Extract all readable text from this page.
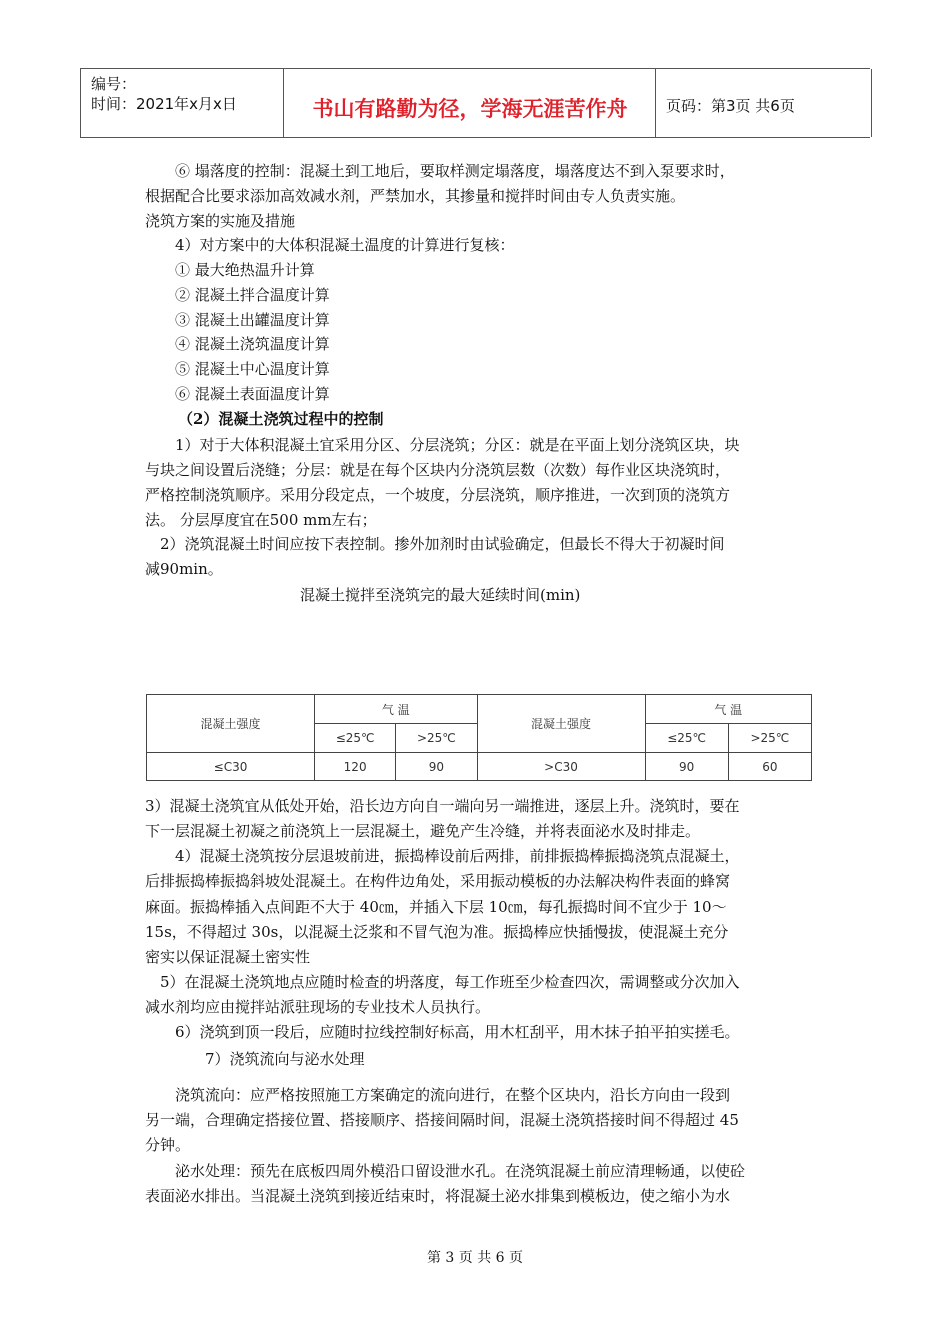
编号：
时间：2021年x月x日	书山有路勤为径，学海无涯苦作舟	页码：第3页 共6页
⑥ 塌落度的控制：混凝土到工地后，要取样测定塌落度，塌落度达不到入泵要求时，
根据配合比要求添加高效减水剂，严禁加水，其掺量和搅拌时间由专人负责实施。
浇筑方案的实施及措施
4）对方案中的大体积混凝土温度的计算进行复核：
① 最大绝热温升计算
② 混凝土拌合温度计算
③ 混凝土出罐温度计算
④ 混凝土浇筑温度计算
⑤ 混凝土中心温度计算
⑥ 混凝土表面温度计算
（2）混凝土浇筑过程中的控制
1）对于大体积混凝土宜采用分区、分层浇筑；分区：就是在平面上划分浇筑区块，块
与块之间设置后浇缝；分层：就是在每个区块内分浇筑层数（次数）每作业区块浇筑时，
严格控制浇筑顺序。采用分段定点，一个坡度，分层浇筑，顺序推进，一次到顶的浇筑方
法。 分层厚度宜在500 mm左右；
2）浇筑混凝土时间应按下表控制。掺外加剂时由试验确定，但最长不得大于初凝时间
减90min。
混凝土搅拌至浇筑完的最大延续时间(min)
混凝土强度	气 温		混凝土强度	气 温	
	≤25℃	>25℃		≤25℃	>25℃
≤C30	120	90	>C30	90	60
3）混凝土浇筑宜从低处开始，沿长边方向自一端向另一端推进，逐层上升。浇筑时，要在
下一层混凝土初凝之前浇筑上一层混凝土，避免产生冷缝，并将表面泌水及时排走。
4）混凝土浇筑按分层退坡前进，振捣棒设前后两排，前排振捣棒振捣浇筑点混凝土，
后排振捣棒振捣斜坡处混凝土。在构件边角处，采用振动模板的办法解决构件表面的蜂窝
麻面。振捣棒插入点间距不大于 40㎝，并插入下层 10㎝，每孔振捣时间不宜少于 10～
15s，不得超过 30s，以混凝土泛浆和不冒气泡为准。振捣棒应快插慢拔，使混凝土充分
密实以保证混凝土密实性
5）在混凝土浇筑地点应随时检查的坍落度，每工作班至少检查四次，需调整或分次加入
减水剂均应由搅拌站派驻现场的专业技术人员执行。
6）浇筑到顶一段后，应随时拉线控制好标高，用木杠刮平，用木抹子拍平拍实搓毛。
7）浇筑流向与泌水处理
浇筑流向：应严格按照施工方案确定的流向进行，在整个区块内，沿长方向由一段到
另一端，合理确定搭接位置、搭接顺序、搭接间隔时间，混凝土浇筑搭接时间不得超过 45
分钟。
泌水处理：预先在底板四周外模沿口留设泄水孔。在浇筑混凝土前应清理畅通，以使砼
表面泌水排出。当混凝土浇筑到接近结束时，将混凝土泌水排集到模板边，使之缩小为水
第 3 页 共 6 页
